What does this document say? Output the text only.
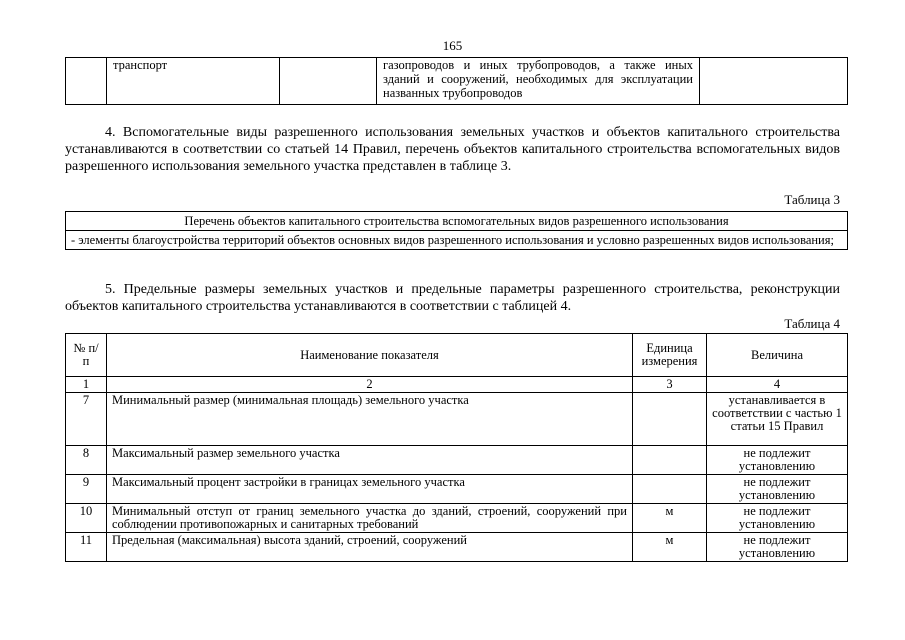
165
	транспорт		газопроводов и иных трубопроводов, а также иных зданий и сооружений, необходимых для эксплуатации названных трубопроводов	
4. Вспомогательные виды разрешенного использования земельных участков и объектов капитального строительства устанавливаются в соответствии со статьей 14 Правил, перечень объектов капитального строительства вспомогательных видов разрешенного использования земельного участка представлен в таблице 3.
Таблица 3
Перечень объектов капитального строительства вспомогательных видов разрешенного использования
- элементы благоустройства территорий объектов основных видов разрешенного использования и условно разрешенных видов использования;
5. Предельные размеры земельных участков и предельные параметры разрешенного строительства, реконструкции объектов капитального строительства устанавливаются в соответствии с таблицей 4.
Таблица 4
№ п/п	Наименование показателя	Единица измерения	Величина
1	2	3	4
7	Минимальный размер (минимальная площадь) земельного участка		устанавливается в соответствии с частью 1 статьи 15 Правил
8	Максимальный размер земельного участка		не подлежит установлению
9	Максимальный процент застройки в границах земельного участка		не подлежит установлению
10	Минимальный отступ от границ земельного участка до зданий, строений, сооружений при соблюдении противопожарных и санитарных требований	м	не подлежит установлению
11	Предельная (максимальная) высота зданий, строений, сооружений	м	не подлежит установлению
